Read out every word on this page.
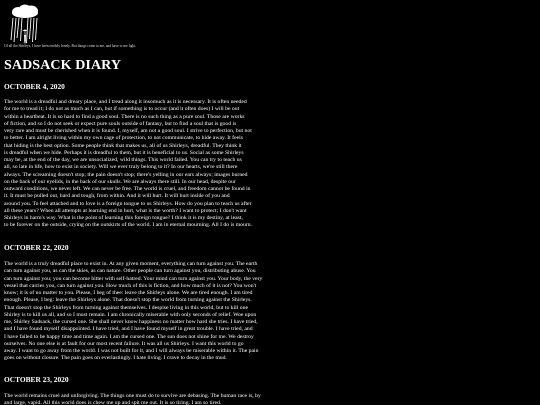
Of all the Shirleys, I have been terribly lonely. But things come to me, and have to me light.
SADSACK DIARY
OCTOBER 4, 2020
The world is a dreadful and dreary place, and I tread along it insomuch as it is necessary. It is often needed
for me to tread it; I do not as much as I can, but if something is to occur (and it often does) I will be out
within a heartbeat. It is so hard to find a good soul. There is no such thing as a pure soul. Those are works
of fiction, and so I do not seek or expect pure souls outside of fantasy, but to find a soul that is good is
very rare and must be cherished when it is found. I, myself, am not a good soul. I strive to perfection, but not
to better. I am alright living within my own cage of protection, to not communicate, to hide away. It feels
that hiding is the best option. Some people think that makes us, all of us Shirleys, dreadful. They think it
is dreadful when we hide. Perhaps it is dreadful to them, but it is beneficial to us. Social as some Shirleys
may be, at the end of the day, we are unsocialized, wild things. This world failed. You can try to teach us
all, so late in life, how to exist in society. Will we ever truly belong to it? In our hearts, we're still there
always. The screaming doesn't stop; the pain doesn't stop; there's yelling in our ears always; images burned
on the back of our eyelids, in the back of our skulls. We are always there still. In our head, despite our
outward conditions, we never left. We can never be free. The world is cruel, and freedom cannot be found in
it. It must be pulled out, hard and tough, from within. And it will hurt. It will hurt inside of you and
around you. To feel attached and to love is a foreign tongue to us Shirleys. How do you plan to teach us after
all these years? When all attempts at learning end in hurt, what is the worth? I want to protect; I don't want
Shirleys in harm's way. What is the point of learning this foreign tongue? I think it is my destiny, at least,
to be forever on the outside, crying on the outskirts of the world. I am in eternal mourning. All I do is mourn.
OCTOBER 22, 2020
The world is a truly dreadful place to exist in. At any given moment, everything can turn against you. The earth
can turn against you, as can the skies, as can nature. Other people can turn against you, distributing abuse. You
can turn against you; you can become bitter with self-hatred. Your mind can turn against you. Your body, the very
vessel that carries you, can turn against you. How much of this is fiction, and how much of it is not? You won't
know; it is of no matter to you. Please, I beg of thee: leave the Shirleys alone. We are tired enough. I am tired
enough. Please, I beg: leave the Shirleys alone. That doesn't stop the world from turning against the Shirleys.
That doesn't stop the Shirleys from turning against themselves. I despise living in this world, but to kill one
Shirley is to kill us all, and so I must remain. I am chronically miserable with only seconds of relief. Woe upon
me, Shirley Sadsack, the cursed one. She shall never know happiness no matter how hard she tries. I have tried,
and I have found myself disappointed. I have tried, and I have found myself in great trouble. I have tried, and
I have failed to be happy time and time again. I am the cursed one. The sun does not shine for me. We destroy
ourselves. No one else is at fault for our most recent failure. It was all us Shirleys. I want this world to go
away. I want to go away from the world. I was not built for it, and I will always be miserable within it. The pain
goes on without closure. The pain goes on everlastingly. I hate living. I crave to decay in the mud.
OCTOBER 23, 2020
The world remains cruel and unforgiving. The things one must do to survive are debasing. The human race is, by
and large, vapid. All this world does is chew me up and spit me out. It is so tiring. I am so tired.
